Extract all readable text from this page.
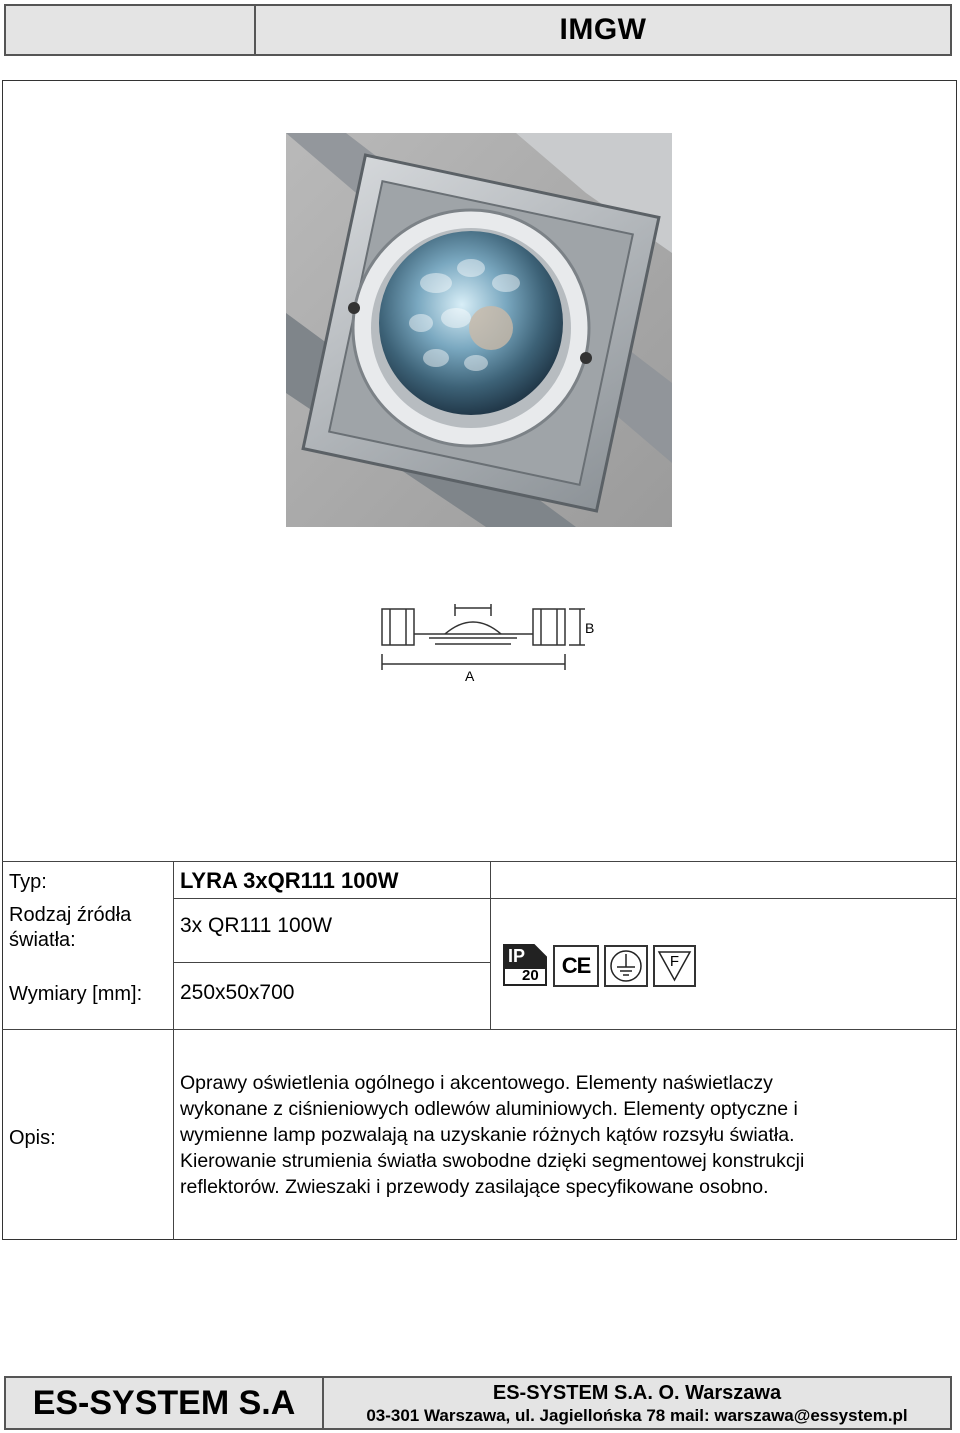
IMGW
A
B
Typ:	LYRA 3xQR111 100W
Rodzaj źródła
światła:
3x QR111 100W
Wymiary [mm]: 250x50x700
IP
20	CE	F
Opis:
Oprawy oświetlenia ogólnego i akcentowego. Elementy naświetlaczy
wykonane z ciśnieniowych odlewów aluminiowych. Elementy optyczne i
wymienne lamp pozwalają na uzyskanie różnych kątów rozsyłu światła.
Kierowanie strumienia światła swobodne dzięki segmentowej konstrukcji
reflektorów. Zwieszaki i przewody zasilające specyfikowane osobno.
ES-SYSTEM S.A	ES-SYSTEM S.A. O. Warszawa
03-301 Warszawa, ul. Jagiellońska 78 mail: warszawa@essystem.pl
